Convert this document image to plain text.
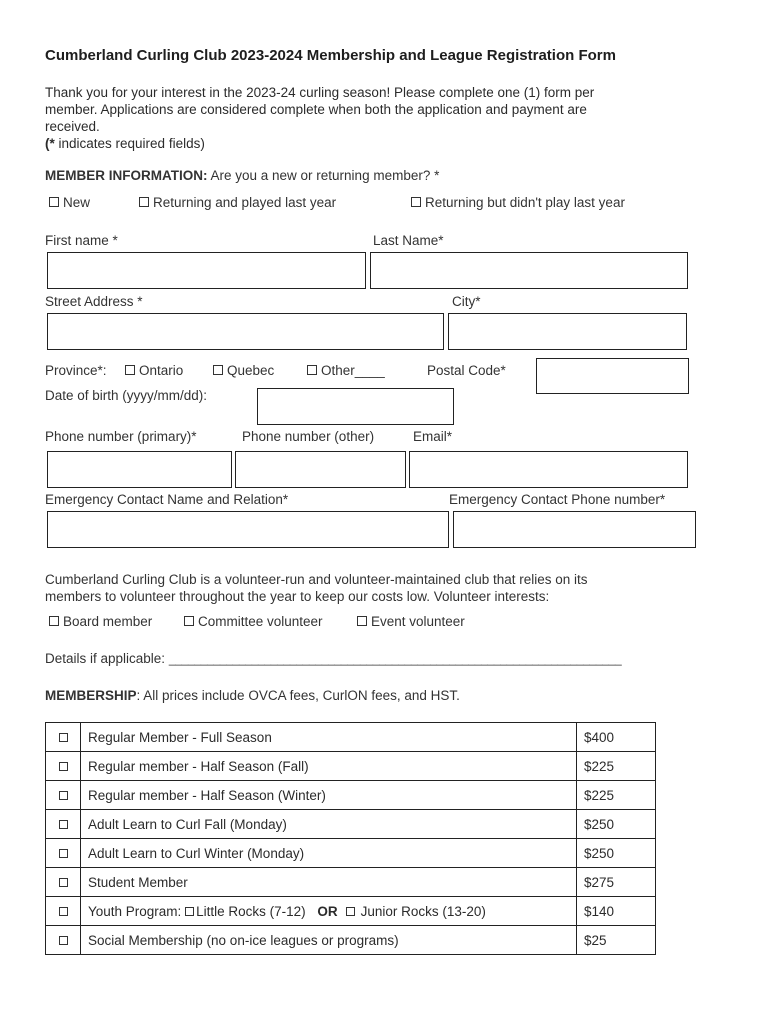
Cumberland Curling Club 2023-2024 Membership and League Registration Form
Thank you for your interest in the 2023-24 curling season! Please complete one (1) form per
member. Applications are considered complete when both the application and payment are
received.
(* indicates required fields)
MEMBER INFORMATION: Are you a new or returning member? *
New	Returning and played last year	Returning but didn't play last year
First name *	Last Name*
Street Address *	City*
Province*:	Ontario	Quebec	Other____	Postal Code*
Date of birth (yyyy/mm/dd):
Phone number (primary)*	Phone number (other)	Email*
Emergency Contact Name and Relation*	Emergency Contact Phone number*
Cumberland Curling Club is a volunteer-run and volunteer-maintained club that relies on its
members to volunteer throughout the year to keep our costs low. Volunteer interests:
Board member	Committee volunteer	Event volunteer
Details if applicable: _______________________________________________________________________
MEMBERSHIP: All prices include OVCA fees, CurlON fees, and HST.
	Regular Member - Full Season	$400
	Regular member - Half Season (Fall)	$225
	Regular member - Half Season (Winter)	$225
	Adult Learn to Curl Fall (Monday)	$250
	Adult Learn to Curl Winter (Monday)	$250
	Student Member	$275
	Youth Program: Little Rocks (7-12) OR Junior Rocks (13-20)	$140
	Social Membership (no on-ice leagues or programs)	$25
